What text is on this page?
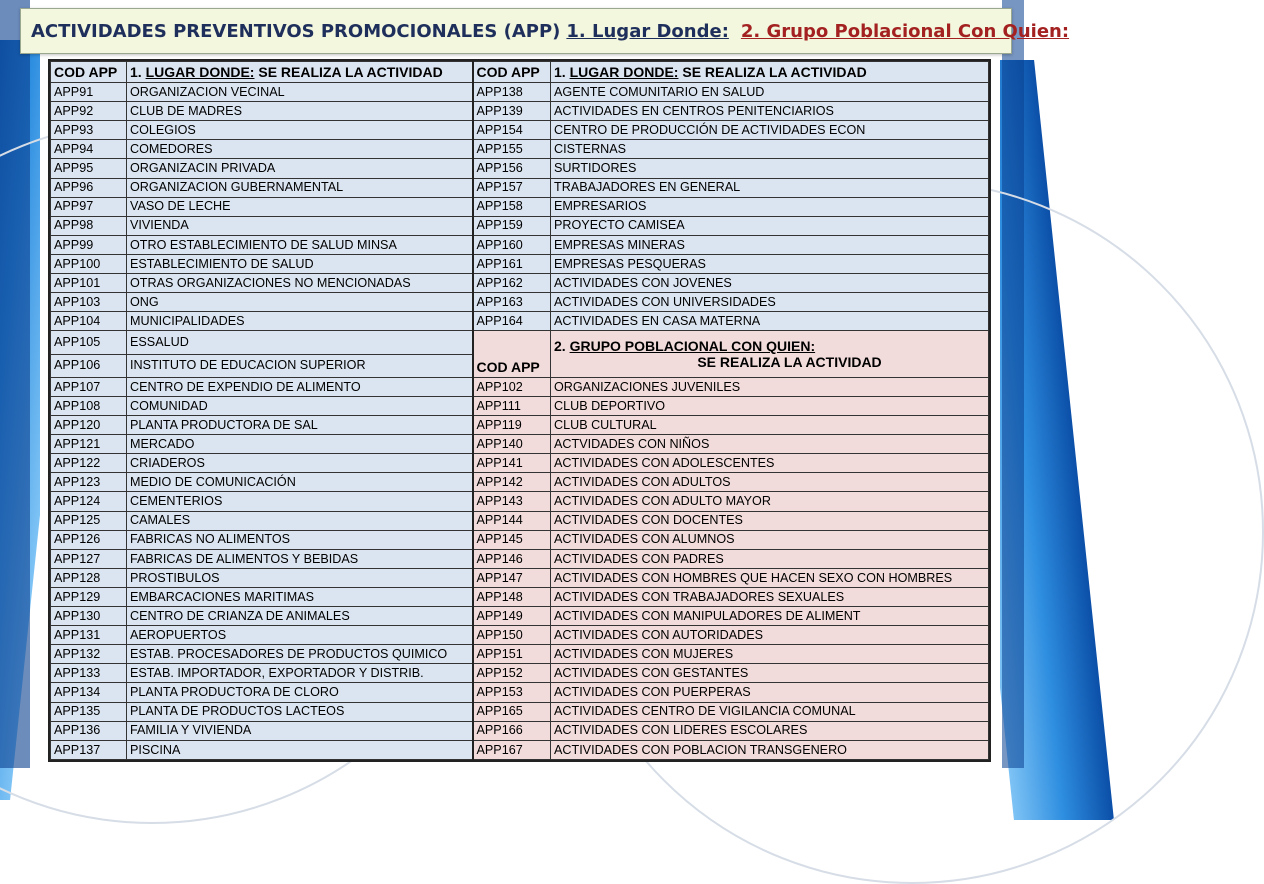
ACTIVIDADES PREVENTIVOS PROMOCIONALES (APP) 1. Lugar Donde: 2. Grupo Poblacional Con Quien:
COD APP	1. LUGAR DONDE: SE REALIZA LA ACTIVIDAD	COD APP	1. LUGAR DONDE: SE REALIZA LA ACTIVIDAD
APP91	ORGANIZACION VECINAL	APP138	AGENTE COMUNITARIO EN SALUD
APP92	CLUB DE MADRES	APP139	ACTIVIDADES EN CENTROS PENITENCIARIOS
APP93	COLEGIOS	APP154	CENTRO DE PRODUCCIÓN DE ACTIVIDADES ECON
APP94	COMEDORES	APP155	CISTERNAS
APP95	ORGANIZACIN PRIVADA	APP156	SURTIDORES
APP96	ORGANIZACION GUBERNAMENTAL	APP157	TRABAJADORES EN GENERAL
APP97	VASO DE LECHE	APP158	EMPRESARIOS
APP98	VIVIENDA	APP159	PROYECTO CAMISEA
APP99	OTRO ESTABLECIMIENTO DE SALUD MINSA	APP160	EMPRESAS MINERAS
APP100	ESTABLECIMIENTO DE SALUD	APP161	EMPRESAS PESQUERAS
APP101	OTRAS ORGANIZACIONES NO MENCIONADAS	APP162	ACTIVIDADES CON JOVENES
APP103	ONG	APP163	ACTIVIDADES CON UNIVERSIDADES
APP104	MUNICIPALIDADES	APP164	ACTIVIDADES EN CASA MATERNA
APP105	ESSALUD	COD APP	2. GRUPO POBLACIONAL CON QUIEN:
SE REALIZA LA ACTIVIDAD

APP106	INSTITUTO DE EDUCACION SUPERIOR		
APP107	CENTRO DE EXPENDIO DE ALIMENTO	APP102	ORGANIZACIONES JUVENILES
APP108	COMUNIDAD	APP111	CLUB DEPORTIVO
APP120	PLANTA PRODUCTORA DE SAL	APP119	CLUB CULTURAL
APP121	MERCADO	APP140	ACTVIDADES CON NIÑOS
APP122	CRIADEROS	APP141	ACTIVIDADES CON ADOLESCENTES
APP123	MEDIO DE COMUNICACIÓN	APP142	ACTIVIDADES CON ADULTOS
APP124	CEMENTERIOS	APP143	ACTIVIDADES CON ADULTO MAYOR
APP125	CAMALES	APP144	ACTIVIDADES CON DOCENTES
APP126	FABRICAS NO ALIMENTOS	APP145	ACTIVIDADES CON ALUMNOS
APP127	FABRICAS DE ALIMENTOS Y BEBIDAS	APP146	ACTIVIDADES CON PADRES
APP128	PROSTIBULOS	APP147	ACTIVIDADES CON HOMBRES QUE HACEN SEXO CON HOMBRES
APP129	EMBARCACIONES MARITIMAS	APP148	ACTIVIDADES CON TRABAJADORES SEXUALES
APP130	CENTRO DE CRIANZA DE ANIMALES	APP149	ACTIVIDADES CON MANIPULADORES DE ALIMENT
APP131	AEROPUERTOS	APP150	ACTIVIDADES CON AUTORIDADES
APP132	ESTAB. PROCESADORES DE PRODUCTOS QUIMICO	APP151	ACTIVIDADES CON MUJERES
APP133	ESTAB. IMPORTADOR, EXPORTADOR Y DISTRIB.	APP152	ACTIVIDADES CON GESTANTES
APP134	PLANTA PRODUCTORA DE CLORO	APP153	ACTIVIDADES CON PUERPERAS
APP135	PLANTA DE PRODUCTOS LACTEOS	APP165	ACTIVIDADES CENTRO DE VIGILANCIA COMUNAL
APP136	FAMILIA Y VIVIENDA	APP166	ACTIVIDADES CON LIDERES ESCOLARES
APP137	PISCINA	APP167	ACTIVIDADES CON POBLACION TRANSGENERO
